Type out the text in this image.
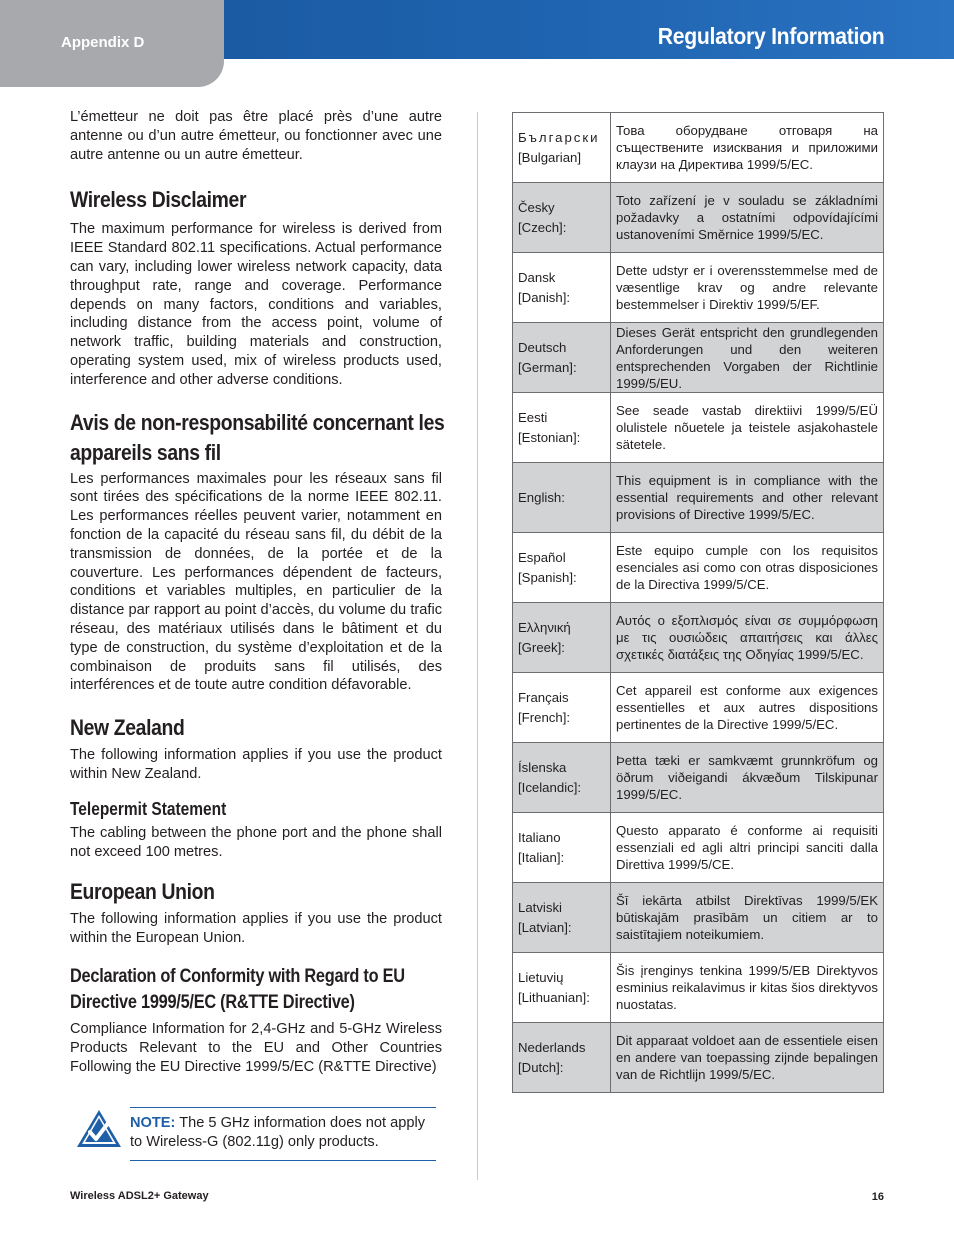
Appendix D	Regulatory Information

L’émetteur ne doit pas être placé près d’une autre antenne ou d’un autre émetteur, ou fonctionner avec une autre antenne ou un autre émetteur.

Wireless Disclaimer

The maximum performance for wireless is derived from IEEE Standard 802.11 specifications. Actual performance can vary, including lower wireless network capacity, data throughput rate, range and coverage. Performance depends on many factors, conditions and variables, including distance from the access point, volume of network traffic, building materials and construction, operating system used, mix of wireless products used, interference and other adverse conditions.

Avis de non-responsabilité concernant les
appareils sans fil

Les performances maximales pour les réseaux sans fil sont tirées des spécifications de la norme IEEE 802.11. Les performances réelles peuvent varier, notamment en fonction de la capacité du réseau sans fil, du débit de la transmission de données, de la portée et de la couverture. Les performances dépendent de facteurs, conditions et variables multiples, en particulier de la distance par rapport au point d’accès, du volume du trafic réseau, des matériaux utilisés dans le bâtiment et du type de construction, du système d’exploitation et de la combinaison de produits sans fil utilisés, des interférences et de toute autre condition défavorable.

New Zealand

The following information applies if you use the product within New Zealand.

Telepermit Statement

The cabling between the phone port and the phone shall not exceed 100 metres.

European Union

The following information applies if you use the product within the European Union.

Declaration of Conformity with Regard to EU
Directive 1999/5/EC (R&TTE Directive)

Compliance Information for 2,4-GHz and 5-GHz Wireless Products Relevant to the EU and Other Countries Following the EU Directive 1999/5/EC (R&TTE Directive)

NOTE: The 5 GHz information does not apply to Wireless-G (802.11g) only products.
Български
[Bulgarian]	Това оборудване отговаря на съществените изисквания и приложими клаузи на Директива 1999/5/ЕС.

Česky
[Czech]:	Toto zařízení je v souladu se základními požadavky a ostatními odpovídajícími ustanoveními Směrnice 1999/5/EC.

Dansk
[Danish]:	Dette udstyr er i overensstemmelse med de væsentlige krav og andre relevante bestemmelser i Direktiv 1999/5/EF.

Deutsch
[German]:	Dieses Gerät entspricht den grundlegenden Anforderungen und den weiteren entsprechenden Vorgaben der Richtlinie 1999/5/EU.

Eesti
[Estonian]:	See seade vastab direktiivi 1999/5/EÜ olulistele nõuetele ja teistele asjakohastele sätetele.

English:	This equipment is in compliance with the essential requirements and other relevant provisions of Directive 1999/5/EC.

Español
[Spanish]:	Este equipo cumple con los requisitos esenciales asi como con otras disposiciones de la Directiva 1999/5/CE.

Ελληνική
[Greek]:	Αυτός ο εξοπλισμός είναι σε συμμόρφωση με τις ουσιώδεις απαιτήσεις και άλλες σχετικές διατάξεις της Οδηγίας 1999/5/EC.

Français
[French]:	Cet appareil est conforme aux exigences essentielles et aux autres dispositions pertinentes de la Directive 1999/5/EC.

Íslenska
[Icelandic]:	Þetta tæki er samkvæmt grunnkröfum og öðrum viðeigandi ákvæðum Tilskipunar 1999/5/EC.

Italiano
[Italian]:	Questo apparato é conforme ai requisiti essenziali ed agli altri principi sanciti dalla Direttiva 1999/5/CE.

Latviski
[Latvian]:	Šī iekārta atbilst Direktīvas 1999/5/EK būtiskajām prasībām un citiem ar to saistītajiem noteikumiem.

Lietuvių
[Lithuanian]:	Šis įrenginys tenkina 1999/5/EB Direktyvos esminius reikalavimus ir kitas šios direktyvos nuostatas.

Nederlands
[Dutch]:	Dit apparaat voldoet aan de essentiele eisen en andere van toepassing zijnde bepalingen van de Richtlijn 1999/5/EC.
Wireless ADSL2+ Gateway	16
